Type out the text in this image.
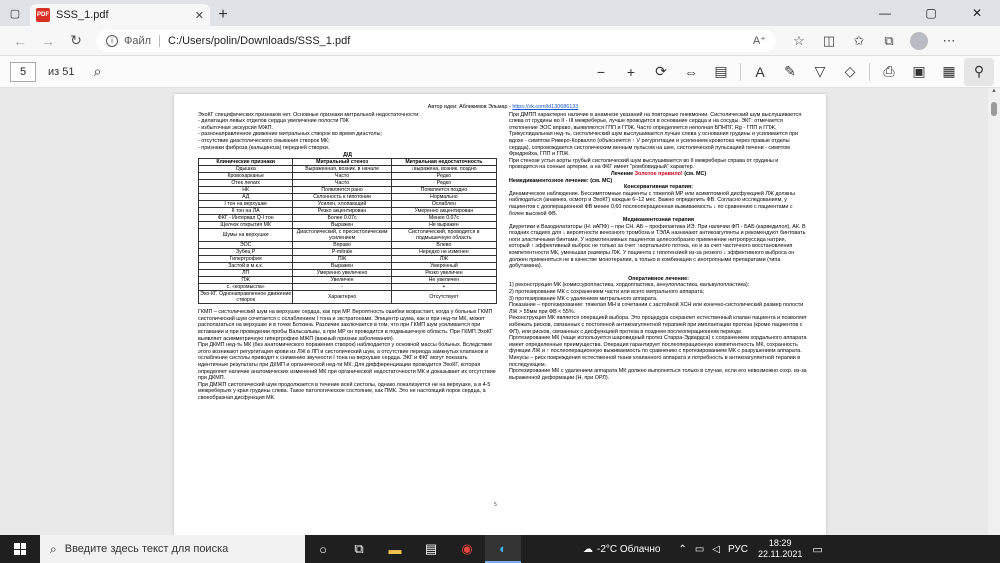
▢	PDF SSS_1.pdf	✕ +	—	▢	✕
←	→	↻	i	Файл C:/Users/polin/Downloads/SSS_1.pdf	A⁺	☆	◫	✩	⧉	⋯
5	из 51	⌕	−	+	⟳	⇔	▤	A	✎	▽	◇	⎙	▣	▦	⚲
Автор идеи: Абликимов Эльмар - https://vk.com/id130686133

ЭхоКГ специфических признаков нет. Основные признаки митральной недостаточности:

- дилатация левых отделов сердца увеличение полости ПЖ

- избыточная экскурсия МЖП.

- разнонаправленное движение митральных створок во время диастолы;

- отсутствие диастолического смыкания створок МК;

- признаки фиброза (кальциноза) передней створки.

Д/Д		
Клинические признаки	Митральный стеноз	Митральная недостаточность
Одышка	Выраженная, возник. в начале	↓выражена, возник. поздно
Кровохарканье	Часто	Редко
Отек легких	Часто	Редко
НК	Появляется рано	Появляется поздно
АД	Склонность к гипотонии	Нормально
I тон на верхушке	Усилен, хлопающий	Ослаблен
II тон на ЛА	Резко акцентирован	Умеренно акцентирован
ФКГ - Интервал Q-I тон	Более 0.07с	Менее 0.07с
Щелчок открытия МК	Выражен	Не выражен
Шумы на верхушке	Диастолический, с пресистолическим усилением	Систолический, проводится в подмышечную область
ЭОС	Вправо	Влево
Зубец Р	P-mitrale	Нередко не изменен
Гипертрофия	ПЖ	ЛЖ
Застой в м.к.к.	Выражен	Умеренный
ЛП	Умеренно увеличено	Резко увеличен
ПЖ	Увеличен	Не увеличен
с. «коромысла»	-	+
Эхо-КГ. Однонаправленное движение створок	Характерно	Отсутствует

ГКМП – систолический шум на верхушке сердца, как при МР. Вероятность ошибки возрастает, когда у больных ГКМП систолический шум сочетается с ослаблением I тона и экстратонами. Эпицентр шума, как и при нед-ти МК, может располагаться на верхушке и в точке Боткина. Различие заключается в том, что при ГКМП шум усиливается при вставании и при проведении пробы Вальсальвы, а при МР он проводится в подмышечную область. При ГКМП ЭхоКГ выявляет асимметричную гипертрофию МЖП (важный признак заболевания).

При ДКМП нед-ть МК (без анатомического поражения створок) наблюдается у основной массы больных. Вследствие этого возникают регургитация крови из ЛЖ в ЛП и систолический шум, а отсутствие периода замкнутых клапанов и ослабление систолы приводят к снижению звучности I тона на верхушке сердца. ЭКГ и ФКГ могут показать идентичные результаты при ДКМП и органической нед-ти МК. Для дифференциации проводится ЭхоКГ, которая определяет наличие анатомических изменений МК при органической недостаточности МК и доказывает их отсутствие при ДКМП.

При ДМЖП систолический шум продолжается в течение всей систолы, однако локализуется не на верхушке, а в 4-5 межреберьях у края грудины слева. Такое патологическое состояние, как ПМК. Это не настоящий порок сердца, а своеобразная дисфункция МК.

При ДМПП характерно наличие в анамнезе указаний на повторные пневмонии. Систолический шум выслушивается слева от грудины во II - III межреберье, лучше проводится в основание сердца и на сосуды. ЭКГ: отмечается отклонение ЭОС вправо, выявляются ГПП и ГПЖ. Часто определяется неполная БПНПГ. Rg - ГПП и ГПЖ.

Трикуспидальная нед-ть, систолический шум выслушивается лучше слева у основания грудины и усиливается при вдохе - симптом Риверо-Корвалло (объясняется ↑ V регургитации и усилением кровотока через правые отделы сердца), сопровождается систолическим венным пульсом на шее, систолической пульсацией печени - симптом Фридрейха, ГПП и ГПЖ.

При стенозе устья аорты грубый систолический шум выслушивается во II межреберье справа от грудины и проводится на сонные артерии, а на ФКГ имеет "ромбовидный" характер.

Лечение Золотое правило! (см. МС)

Немедикаментозное лечение: (см. МС)

Консервативная терапия:

Динамическое наблюдение. Бессимптомные пациенты с тяжелой МР или асимптомной дисфункцией ЛЖ должны наблюдаться (анамнез, осмотр и ЭхоКГ) каждые 6–12 мес. Важно определить ФВ. Согласно исследованиям, у пациентов с дооперационной ФВ менее 0,60 послеоперационная выживаемость ↓ по сравнению с пациентами с более высокой ФВ.

Медикаментозная терапия

Диуретики и Вазодилататоры (Н: иАПФ) – при СН. АБ – профилактика ИЭ. При наличии ФП - БАБ (карведилол), АК. В поздних стадиях для ↓ вероятности венозного тромбоза и ТЭЛА назначают антикоагулянты и рекомендуют бинтовать ноги эластичными бинтами. У нормотензивных пациентов целесообразно применение нитропруссида натрия, который ↑ эффективный выброс не только за счет ↑аортального потока, но и за счет частичного восстановления компетентности МК, уменьшая размеры ЛЖ. У пациента с гипотензией из-за резкого ↓ эффективного выброса он должен применяться не в качестве монотерапии, а только в комбинации с инотропными препаратами (типа добутамина).

Оперативное лечение:

1) реконструкция МК (комиссуропластика, хордопластика, аннулопластика, вальвулопластика);

2) протезирование МК с сохранением части или всего митрального аппарата;

3) протезирование МК с удалением митрального аппарата.

Показание – протезирование: тяжелая МН в сочетании с застойной ХСН или конечно-систолический размер полости ЛЖ > 55мм при ФВ < 55%.

Реконструкция МК является операцией выбора. Это процедура сохраняет естественный клапан пациента и позволяет избежать рисков, связанных с постоянной антикоагулянтной терапией при имплантации протеза (кроме пациентов с ФП), или рисков, связанных с дисфункцией протеза в позднем послеоперационном периоде.

Протезирование МК (чаще используется шаровидный протез Старра-Эдвардса) с сохранением хордального аппарата имеет определенные преимущества. Операция гарантирует послеоперационную компетентность МК, сохранность функции ЛЖ и ↑ послеоперационную выживаемость по сравнению с протезированием МК с разрушением аппарата. Минусы – риск повреждения естественной ткани клапанного аппарата и потребность в антикоагулянтной терапии в последующем.

Протезирование МК с удалением аппарата МК должно выполняться только в случае, если его невозможно сохр. из-за выраженной деформации (Н, при ОРЛ).

5
▲
⌕ Введите здесь текст для поиска	○	⧉	▬	▤	◉	◐	☁ -2°C Облачно ⌃ ▭ ◁ РУС
18:29
22.11.2021 ▭
